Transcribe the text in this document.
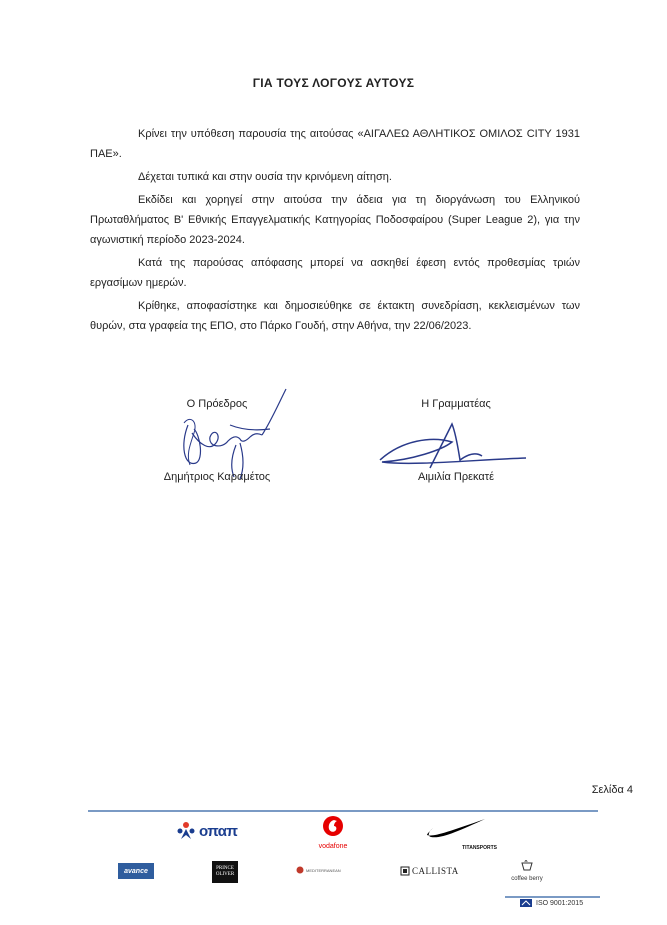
ΓΙΑ ΤΟΥΣ ΛΟΓΟΥΣ ΑΥΤΟΥΣ

Κρίνει την υπόθεση παρουσία της αιτούσας «ΑΙΓΑΛΕΩ ΑΘΛΗΤΙΚΟΣ ΟΜΙΛΟΣ CITY 1931 ΠΑΕ».

Δέχεται τυπικά και στην ουσία την κρινόμενη αίτηση.

Εκδίδει και χορηγεί στην αιτούσα την άδεια για τη διοργάνωση του Ελληνικού Πρωταθλήματος Β' Εθνικής Επαγγελματικής Κατηγορίας Ποδοσφαίρου (Super League 2), για την αγωνιστική περίοδο 2023-2024.

Κατά της παρούσας απόφασης μπορεί να ασκηθεί έφεση εντός προθεσμίας τριών εργασίμων ημερών.

Κρίθηκε, αποφασίστηκε και δημοσιεύθηκε σε έκτακτη συνεδρίαση, κεκλεισμένων των θυρών, στα γραφεία της ΕΠΟ, στο Πάρκο Γουδή, στην Αθήνα, την 22/06/2023.

Ο Πρόεδρος
Δημήτριος Καραμέτος
Η Γραμματέας
Αιμιλία Πρεκατέ
Σελίδα 4
οπαπ
vodafone	TITANSPORTS
avance	PRINCE
OLIVER
MEDITERRANEAN	CALLISTA
coffee berry
ISO 9001:2015
